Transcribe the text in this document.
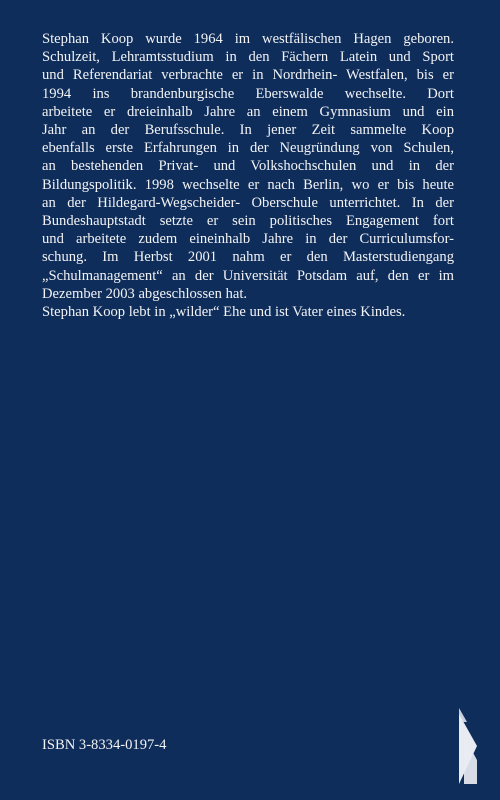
Stephan Koop wurde 1964 im westfälischen Hagen geboren.
Schulzeit, Lehramtsstudium in den Fächern Latein und Sport
und Referendariat verbrachte er in Nordrhein- Westfalen, bis er
1994 ins brandenburgische Eberswalde wechselte. Dort
arbeitete er dreieinhalb Jahre an einem Gymnasium und ein
Jahr an der Berufsschule. In jener Zeit sammelte Koop
ebenfalls erste Erfahrungen in der Neugründung von Schulen,
an bestehenden Privat- und Volkshochschulen und in der
Bildungspolitik. 1998 wechselte er nach Berlin, wo er bis heute
an der Hildegard-Wegscheider- Oberschule unterrichtet. In der
Bundeshauptstadt setzte er sein politisches Engagement fort
und arbeitete zudem eineinhalb Jahre in der Curriculumsfor-
schung. Im Herbst 2001 nahm er den Masterstudiengang
„Schulmanagement“ an der Universität Potsdam auf, den er im
Dezember 2003 abgeschlossen hat.
Stephan Koop lebt in „wilder“ Ehe und ist Vater eines Kindes.
ISBN 3-8334-0197-4
